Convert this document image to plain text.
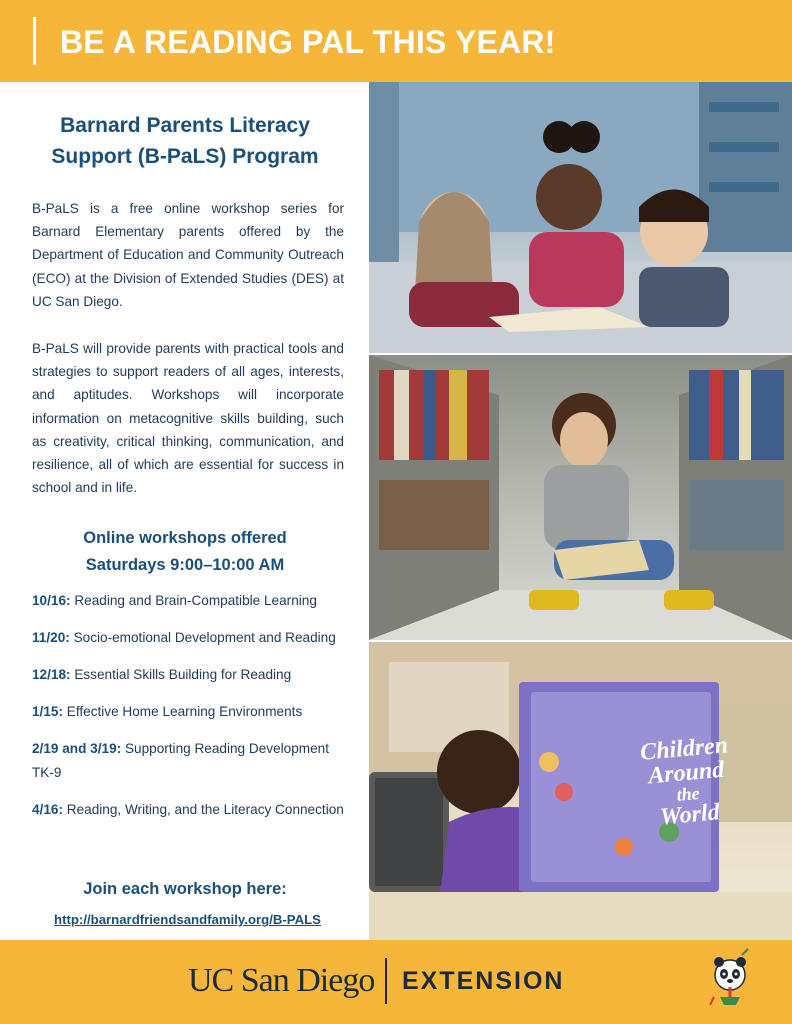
BE A READING PAL THIS YEAR!
Barnard Parents Literacy
Support (B-PaLS) Program
B-PaLS is a free online workshop series for Barnard Elementary parents offered by the Department of Education and Community Outreach (ECO) at the Division of Extended Studies (DES) at UC San Diego.
B-PaLS will provide parents with practical tools and strategies to support readers of all ages, interests, and aptitudes. Workshops will incorporate information on metacognitive skills building, such as creativity, critical thinking, communication, and resilience, all of which are essential for success in school and in life.
Online workshops offered
Saturdays 9:00–10:00 AM
10/16: Reading and Brain-Compatible Learning
11/20: Socio-emotional Development and Reading
12/18: Essential Skills Building for Reading
1/15: Effective Home Learning Environments
2/19 and 3/19: Supporting Reading Development TK-9
4/16: Reading, Writing, and the Literacy Connection
Join each workshop here:
http://barnardfriendsandfamily.org/B-PALS
Children
Around
the
World
UC San Diego EXTENSION
